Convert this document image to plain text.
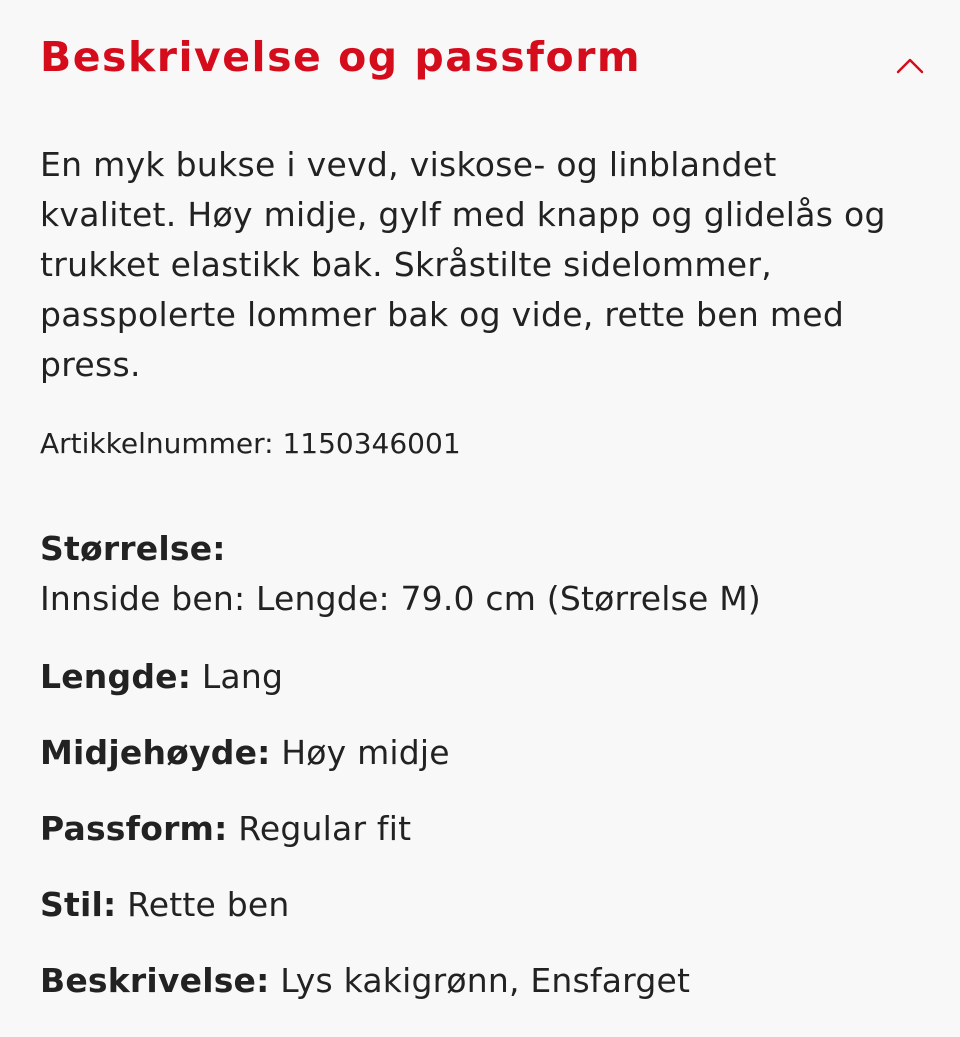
Beskrivelse og passform

En myk bukse i vevd, viskose- og linblandet kvalitet. Høy midje, gylf med knapp og glidelås og trukket elastikk bak. Skråstilte sidelommer, passpolerte lommer bak og vide, rette ben med press.

Artikkelnummer: 1150346001

Størrelse:

Innside ben: Lengde: 79.0 cm (Størrelse M)

Lengde: Lang

Midjehøyde: Høy midje

Passform: Regular fit

Stil: Rette ben

Beskrivelse: Lys kakigrønn, Ensfarget
